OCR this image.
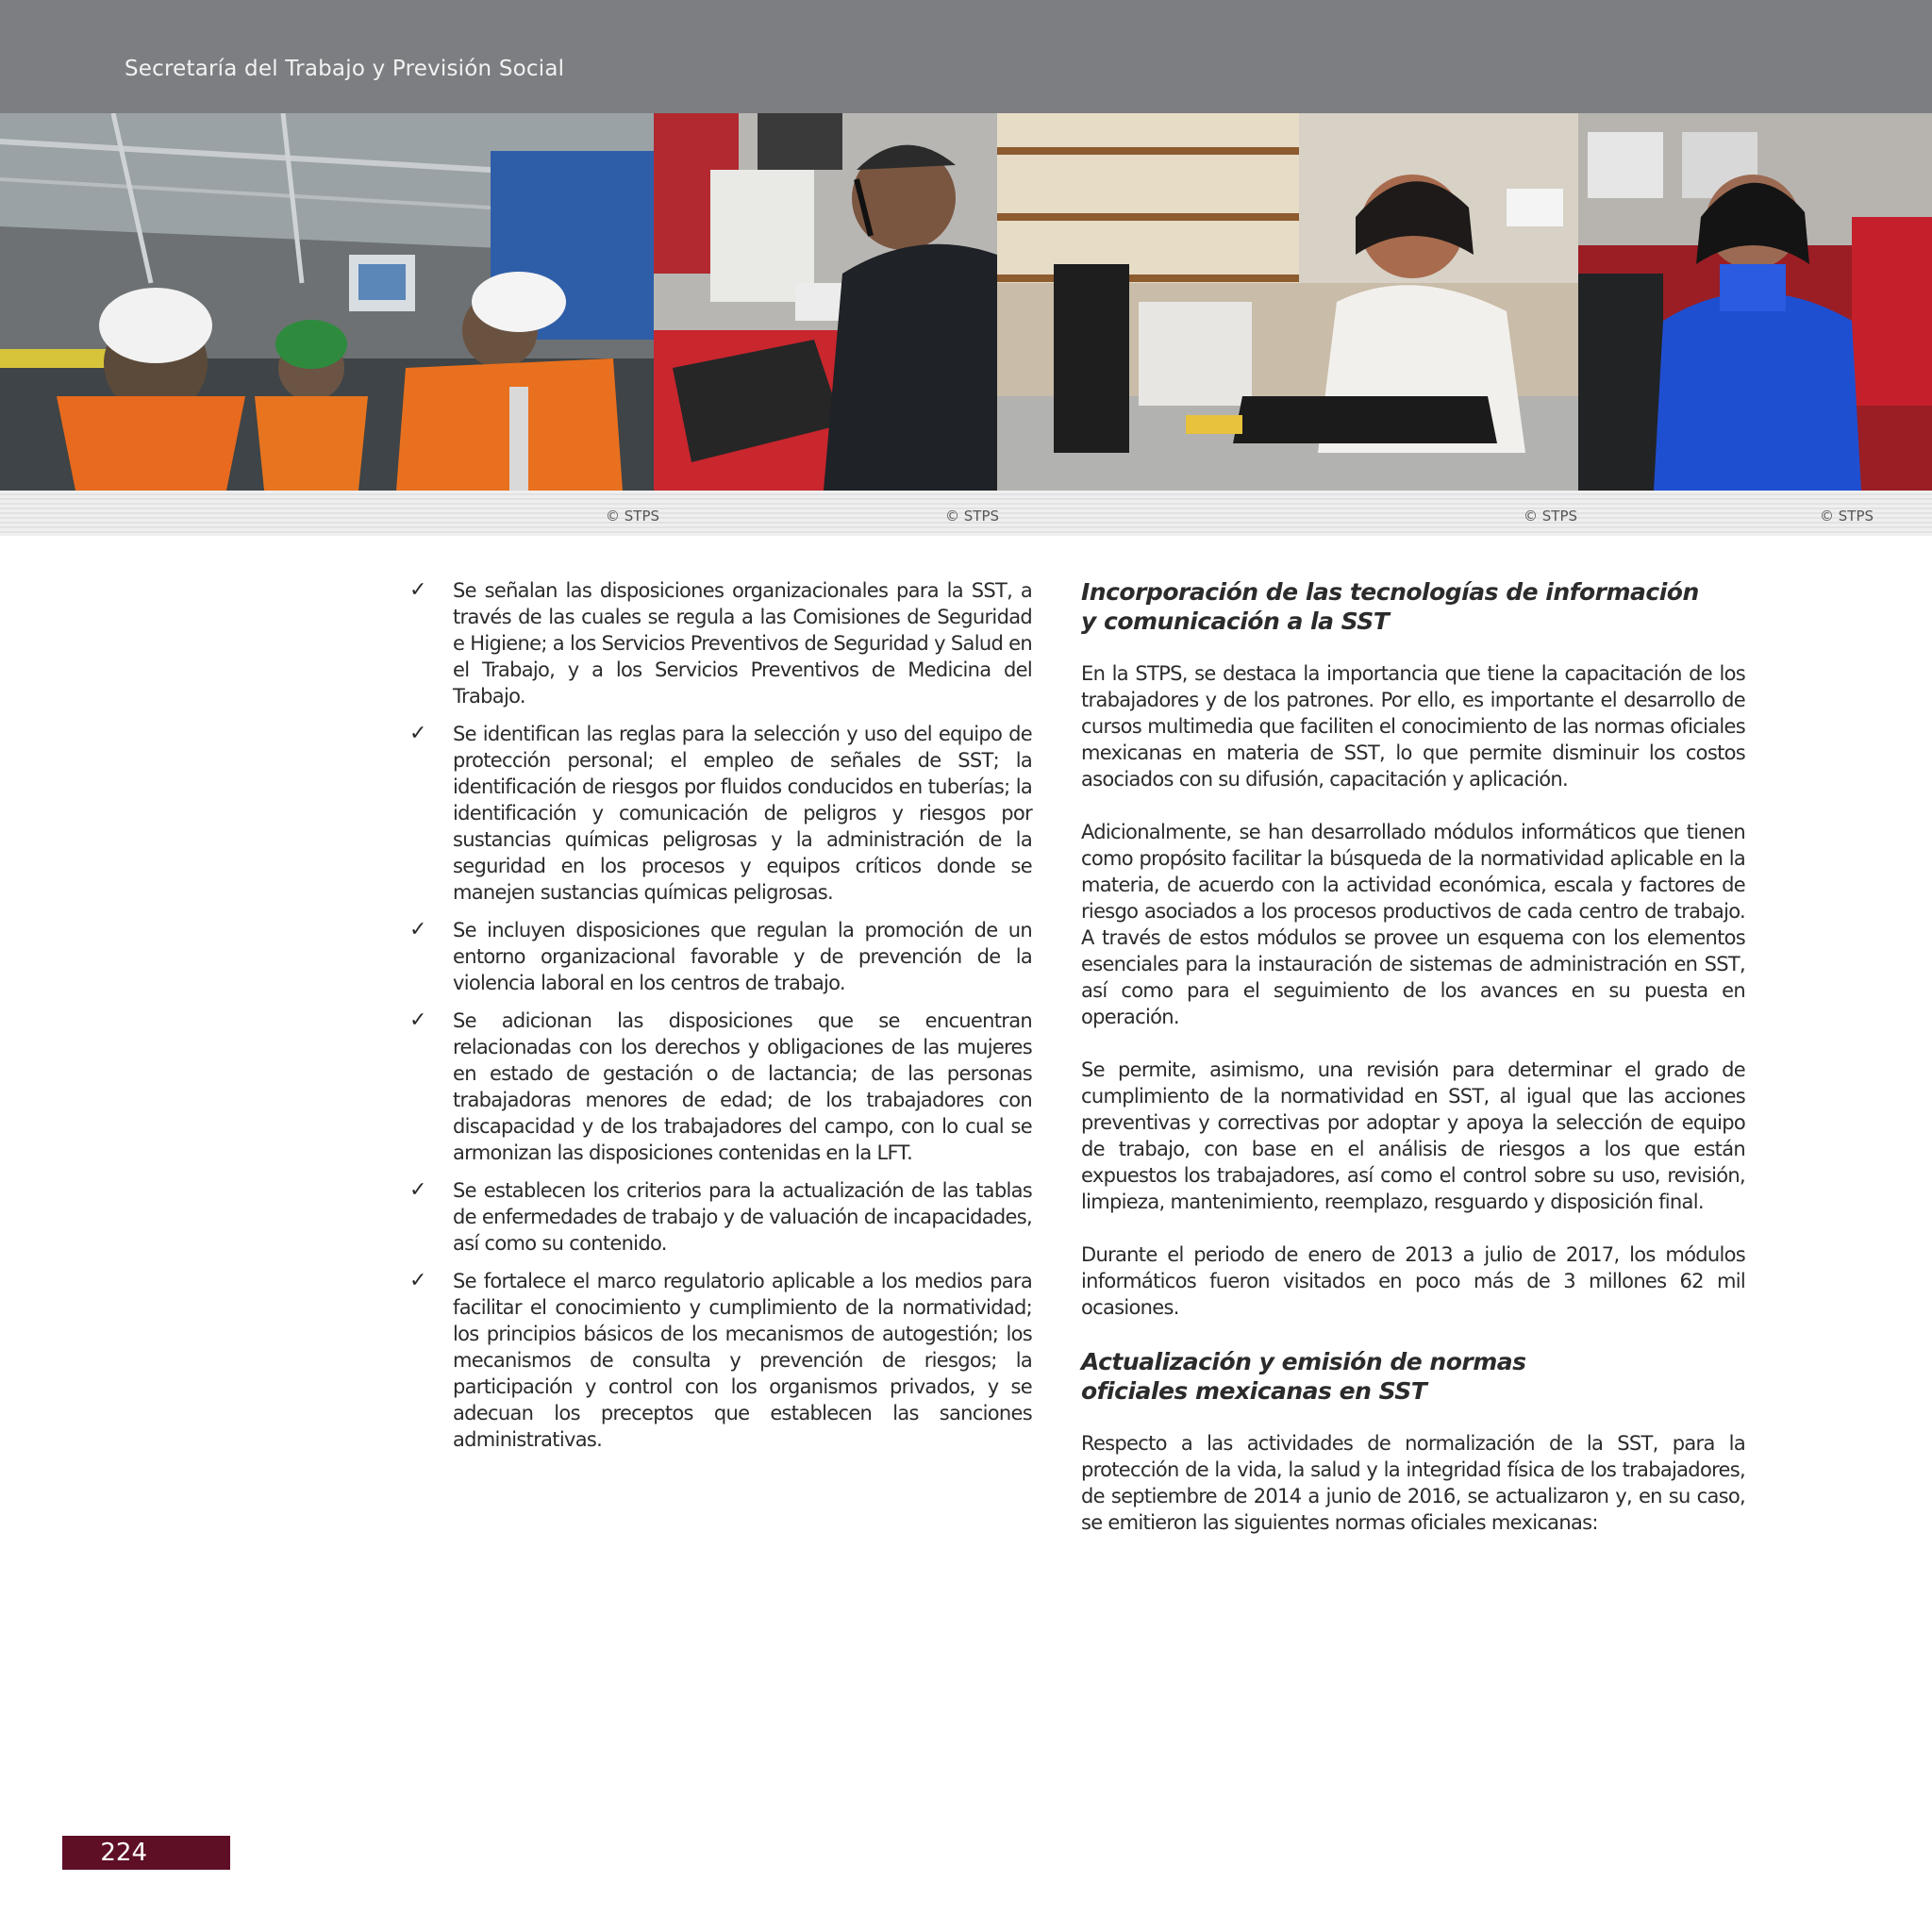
Secretaría del Trabajo y Previsión Social
© STPS	© STPS	© STPS	© STPS
✓ Se señalan las disposiciones organizacionales para la SST, a través de las cuales se regula a las Comisiones de Seguridad e Higiene; a los Servicios Preventivos de Seguridad y Salud en el Trabajo, y a los Servicios Preventivos de Medicina del Trabajo.
✓ Se identifican las reglas para la selección y uso del equipo de protección personal; el empleo de señales de SST; la identificación de riesgos por fluidos conducidos en tuberías; la identificación y comunicación de peligros y riesgos por sustancias químicas peligrosas y la administración de la seguridad en los procesos y equipos críticos donde se manejen sustancias químicas peligrosas.
✓ Se incluyen disposiciones que regulan la promoción de un entorno organizacional favorable y de prevención de la violencia laboral en los centros de trabajo.
✓ Se adicionan las disposiciones que se encuentran relacionadas con los derechos y obligaciones de las mujeres en estado de gestación o de lactancia; de las personas trabajadoras menores de edad; de los trabajadores con discapacidad y de los trabajadores del campo, con lo cual se armonizan las disposiciones contenidas en la LFT.
✓ Se establecen los criterios para la actualización de las tablas de enfermedades de trabajo y de valuación de incapacidades, así como su contenido.
✓ Se fortalece el marco regulatorio aplicable a los medios para facilitar el conocimiento y cumplimiento de la normatividad; los principios básicos de los mecanismos de autogestión; los mecanismos de consulta y prevención de riesgos; la participación y control con los organismos privados, y se adecuan los preceptos que establecen las sanciones administrativas.
Incorporación de las tecnologías de información
y comunicación a la SST

En la STPS, se destaca la importancia que tiene la capacitación de los trabajadores y de los patrones. Por ello, es importante el desarrollo de cursos multimedia que faciliten el conocimiento de las normas oficiales mexicanas en materia de SST, lo que permite disminuir los costos asociados con su difusión, capacitación y aplicación.

Adicionalmente, se han desarrollado módulos informáticos que tienen como propósito facilitar la búsqueda de la normatividad aplicable en la materia, de acuerdo con la actividad económica, escala y factores de riesgo asociados a los procesos productivos de cada centro de trabajo. A través de estos módulos se provee un esquema con los elementos esenciales para la instauración de sistemas de administración en SST, así como para el seguimiento de los avances en su puesta en operación.

Se permite, asimismo, una revisión para determinar el grado de cumplimiento de la normatividad en SST, al igual que las acciones preventivas y correctivas por adoptar y apoya la selección de equipo de trabajo, con base en el análisis de riesgos a los que están expuestos los trabajadores, así como el control sobre su uso, revisión, limpieza, mantenimiento, reemplazo, resguardo y disposición final.

Durante el periodo de enero de 2013 a julio de 2017, los módulos informáticos fueron visitados en poco más de 3 millones 62 mil ocasiones.

Actualización y emisión de normas
oficiales mexicanas en SST

Respecto a las actividades de normalización de la SST, para la protección de la vida, la salud y la integridad física de los trabajadores, de septiembre de 2014 a junio de 2016, se actualizaron y, en su caso, se emitieron las siguientes normas oficiales mexicanas:

224
